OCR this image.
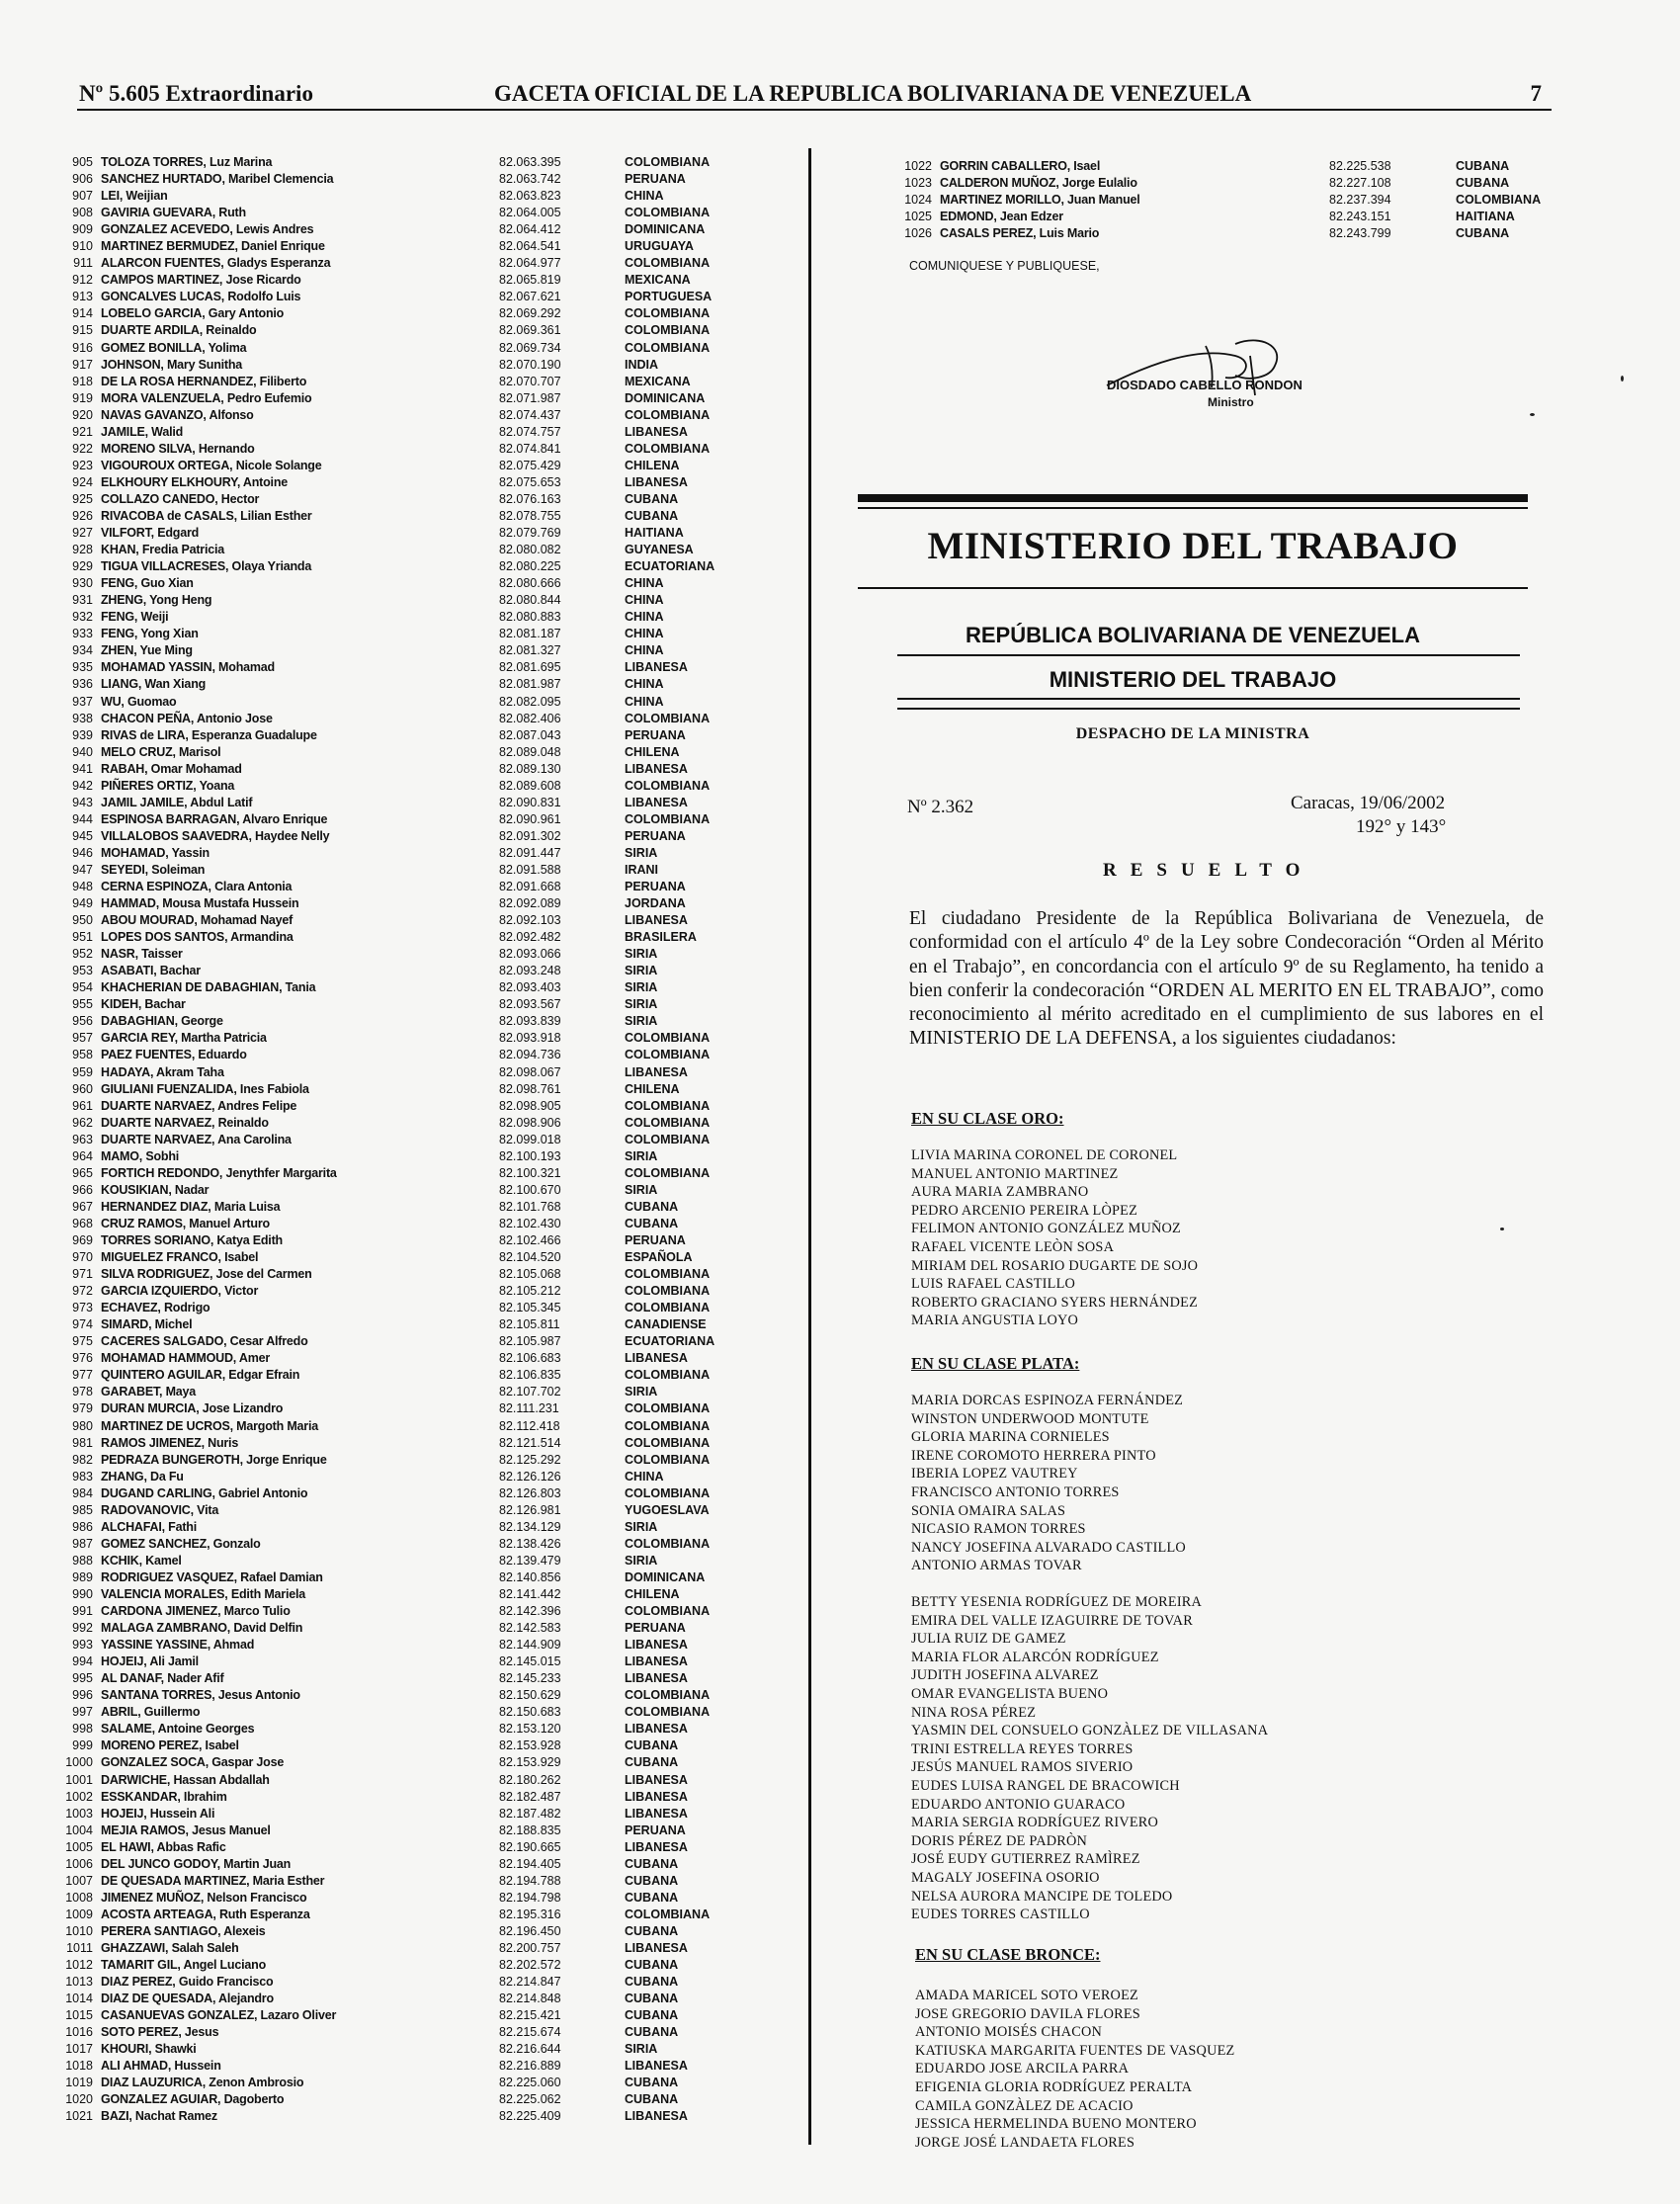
Nº 5.605 Extraordinario	GACETA OFICIAL DE LA REPUBLICA BOLIVARIANA DE VENEZUELA	7
905 TOLOZA TORRES, Luz Marina	82.063.395	COLOMBIANA
906 SANCHEZ HURTADO, Maribel Clemencia	82.063.742	PERUANA
907 LEI, Weijian	82.063.823	CHINA
908 GAVIRIA GUEVARA, Ruth	82.064.005	COLOMBIANA
909 GONZALEZ ACEVEDO, Lewis Andres	82.064.412	DOMINICANA
910 MARTINEZ BERMUDEZ, Daniel Enrique	82.064.541	URUGUAYA
911 ALARCON FUENTES, Gladys Esperanza	82.064.977	COLOMBIANA
912 CAMPOS MARTINEZ, Jose Ricardo	82.065.819	MEXICANA
913 GONCALVES LUCAS, Rodolfo Luis	82.067.621	PORTUGUESA
914 LOBELO GARCIA, Gary Antonio	82.069.292	COLOMBIANA
915 DUARTE ARDILA, Reinaldo	82.069.361	COLOMBIANA
916 GOMEZ BONILLA, Yolima	82.069.734	COLOMBIANA
917 JOHNSON, Mary Sunitha	82.070.190	INDIA
918 DE LA ROSA HERNANDEZ, Filiberto	82.070.707	MEXICANA
919 MORA VALENZUELA, Pedro Eufemio	82.071.987	DOMINICANA
920 NAVAS GAVANZO, Alfonso	82.074.437	COLOMBIANA
921 JAMILE, Walid	82.074.757	LIBANESA
922 MORENO SILVA, Hernando	82.074.841	COLOMBIANA
923 VIGOUROUX ORTEGA, Nicole Solange	82.075.429	CHILENA
924 ELKHOURY ELKHOURY, Antoine	82.075.653	LIBANESA
925 COLLAZO CANEDO, Hector	82.076.163	CUBANA
926 RIVACOBA de CASALS, Lilian Esther	82.078.755	CUBANA
927 VILFORT, Edgard	82.079.769	HAITIANA
928 KHAN, Fredia Patricia	82.080.082	GUYANESA
929 TIGUA VILLACRESES, Olaya Yrianda	82.080.225	ECUATORIANA
930 FENG, Guo Xian	82.080.666	CHINA
931 ZHENG, Yong Heng	82.080.844	CHINA
932 FENG, Weiji	82.080.883	CHINA
933 FENG, Yong Xian	82.081.187	CHINA
934 ZHEN, Yue Ming	82.081.327	CHINA
935 MOHAMAD YASSIN, Mohamad	82.081.695	LIBANESA
936 LIANG, Wan Xiang	82.081.987	CHINA
937 WU, Guomao	82.082.095	CHINA
938 CHACON PEÑA, Antonio Jose	82.082.406	COLOMBIANA
939 RIVAS de LIRA, Esperanza Guadalupe	82.087.043	PERUANA
940 MELO CRUZ, Marisol	82.089.048	CHILENA
941 RABAH, Omar Mohamad	82.089.130	LIBANESA
942 PIÑERES ORTIZ, Yoana	82.089.608	COLOMBIANA
943 JAMIL JAMILE, Abdul Latif	82.090.831	LIBANESA
944 ESPINOSA BARRAGAN, Alvaro Enrique	82.090.961	COLOMBIANA
945 VILLALOBOS SAAVEDRA, Haydee Nelly	82.091.302	PERUANA
946 MOHAMAD, Yassin	82.091.447	SIRIA
947 SEYEDI, Soleiman	82.091.588	IRANI
948 CERNA ESPINOZA, Clara Antonia	82.091.668	PERUANA
949 HAMMAD, Mousa Mustafa Hussein	82.092.089	JORDANA
950 ABOU MOURAD, Mohamad Nayef	82.092.103	LIBANESA
951 LOPES DOS SANTOS, Armandina	82.092.482	BRASILERA
952 NASR, Taisser	82.093.066	SIRIA
953 ASABATI, Bachar	82.093.248	SIRIA
954 KHACHERIAN DE DABAGHIAN, Tania	82.093.403	SIRIA
955 KIDEH, Bachar	82.093.567	SIRIA
956 DABAGHIAN, George	82.093.839	SIRIA
957 GARCIA REY, Martha Patricia	82.093.918	COLOMBIANA
958 PAEZ FUENTES, Eduardo	82.094.736	COLOMBIANA
959 HADAYA, Akram Taha	82.098.067	LIBANESA
960 GIULIANI FUENZALIDA, Ines Fabiola	82.098.761	CHILENA
961 DUARTE NARVAEZ, Andres Felipe	82.098.905	COLOMBIANA
962 DUARTE NARVAEZ, Reinaldo	82.098.906	COLOMBIANA
963 DUARTE NARVAEZ, Ana Carolina	82.099.018	COLOMBIANA
964 MAMO, Sobhi	82.100.193	SIRIA
965 FORTICH REDONDO, Jenythfer Margarita	82.100.321	COLOMBIANA
966 KOUSIKIAN, Nadar	82.100.670	SIRIA
967 HERNANDEZ DIAZ, Maria Luisa	82.101.768	CUBANA
968 CRUZ RAMOS, Manuel Arturo	82.102.430	CUBANA
969 TORRES SORIANO, Katya Edith	82.102.466	PERUANA
970 MIGUELEZ FRANCO, Isabel	82.104.520	ESPAÑOLA
971 SILVA RODRIGUEZ, Jose del Carmen	82.105.068	COLOMBIANA
972 GARCIA IZQUIERDO, Victor	82.105.212	COLOMBIANA
973 ECHAVEZ, Rodrigo	82.105.345	COLOMBIANA
974 SIMARD, Michel	82.105.811	CANADIENSE
975 CACERES SALGADO, Cesar Alfredo	82.105.987	ECUATORIANA
976 MOHAMAD HAMMOUD, Amer	82.106.683	LIBANESA
977 QUINTERO AGUILAR, Edgar Efrain	82.106.835	COLOMBIANA
978 GARABET, Maya	82.107.702	SIRIA
979 DURAN MURCIA, Jose Lizandro	82.111.231	COLOMBIANA
980 MARTINEZ DE UCROS, Margoth Maria	82.112.418	COLOMBIANA
981 RAMOS JIMENEZ, Nuris	82.121.514	COLOMBIANA
982 PEDRAZA BUNGEROTH, Jorge Enrique	82.125.292	COLOMBIANA
983 ZHANG, Da Fu	82.126.126	CHINA
984 DUGAND CARLING, Gabriel Antonio	82.126.803	COLOMBIANA
985 RADOVANOVIC, Vita	82.126.981	YUGOESLAVA
986 ALCHAFAI, Fathi	82.134.129	SIRIA
987 GOMEZ SANCHEZ, Gonzalo	82.138.426	COLOMBIANA
988 KCHIK, Kamel	82.139.479	SIRIA
989 RODRIGUEZ VASQUEZ, Rafael Damian	82.140.856	DOMINICANA
990 VALENCIA MORALES, Edith Mariela	82.141.442	CHILENA
991 CARDONA JIMENEZ, Marco Tulio	82.142.396	COLOMBIANA
992 MALAGA ZAMBRANO, David Delfin	82.142.583	PERUANA
993 YASSINE YASSINE, Ahmad	82.144.909	LIBANESA
994 HOJEIJ, Ali Jamil	82.145.015	LIBANESA
995 AL DANAF, Nader Afif	82.145.233	LIBANESA
996 SANTANA TORRES, Jesus Antonio	82.150.629	COLOMBIANA
997 ABRIL, Guillermo	82.150.683	COLOMBIANA
998 SALAME, Antoine Georges	82.153.120	LIBANESA
999 MORENO PEREZ, Isabel	82.153.928	CUBANA
1000 GONZALEZ SOCA, Gaspar Jose	82.153.929	CUBANA
1001 DARWICHE, Hassan Abdallah	82.180.262	LIBANESA
1002 ESSKANDAR, Ibrahim	82.182.487	LIBANESA
1003 HOJEIJ, Hussein Ali	82.187.482	LIBANESA
1004 MEJIA RAMOS, Jesus Manuel	82.188.835	PERUANA
1005 EL HAWI, Abbas Rafic	82.190.665	LIBANESA
1006 DEL JUNCO GODOY, Martin Juan	82.194.405	CUBANA
1007 DE QUESADA MARTINEZ, Maria Esther	82.194.788	CUBANA
1008 JIMENEZ MUÑOZ, Nelson Francisco	82.194.798	CUBANA
1009 ACOSTA ARTEAGA, Ruth Esperanza	82.195.316	COLOMBIANA
1010 PERERA SANTIAGO, Alexeis	82.196.450	CUBANA
1011 GHAZZAWI, Salah Saleh	82.200.757	LIBANESA
1012 TAMARIT GIL, Angel Luciano	82.202.572	CUBANA
1013 DIAZ PEREZ, Guido Francisco	82.214.847	CUBANA
1014 DIAZ DE QUESADA, Alejandro	82.214.848	CUBANA
1015 CASANUEVAS GONZALEZ, Lazaro Oliver	82.215.421	CUBANA
1016 SOTO PEREZ, Jesus	82.215.674	CUBANA
1017 KHOURI, Shawki	82.216.644	SIRIA
1018 ALI AHMAD, Hussein	82.216.889	LIBANESA
1019 DIAZ LAUZURICA, Zenon Ambrosio	82.225.060	CUBANA
1020 GONZALEZ AGUIAR, Dagoberto	82.225.062	CUBANA
1021 BAZI, Nachat Ramez	82.225.409	LIBANESA
1022 GORRIN CABALLERO, Isael	82.225.538	CUBANA
1023 CALDERON MUÑOZ, Jorge Eulalio	82.227.108	CUBANA
1024 MARTINEZ MORILLO, Juan Manuel	82.237.394	COLOMBIANA
1025 EDMOND, Jean Edzer	82.243.151	HAITIANA
1026 CASALS PEREZ, Luis Mario	82.243.799	CUBANA
COMUNIQUESE Y PUBLIQUESE,
DIOSDADO CABELLO RONDON
Ministro
MINISTERIO DEL TRABAJO
REPÚBLICA BOLIVARIANA DE VENEZUELA
MINISTERIO DEL TRABAJO
DESPACHO DE LA MINISTRA
Nº 2.362	Caracas, 19/06/2002
192° y 143°
RESUELTO
El ciudadano Presidente de la República Bolivariana de Venezuela, de conformidad con el artículo 4º de la Ley sobre Condecoración “Orden al Mérito en el Trabajo”, en concordancia con el artículo 9º de su Reglamento, ha tenido a bien conferir la condecoración “ORDEN AL MERITO EN EL TRABAJO”, como reconocimiento al mérito acreditado en el cumplimiento de sus labores en el MINISTERIO DE LA DEFENSA, a los siguientes ciudadanos:
EN SU CLASE ORO:
LIVIA MARINA CORONEL DE CORONEL
MANUEL ANTONIO MARTINEZ
AURA MARIA ZAMBRANO
PEDRO ARCENIO PEREIRA LÒPEZ
FELIMON ANTONIO GONZÁLEZ MUÑOZ
RAFAEL VICENTE LEÒN SOSA
MIRIAM DEL ROSARIO DUGARTE DE SOJO
LUIS RAFAEL CASTILLO
ROBERTO GRACIANO SYERS HERNÁNDEZ
MARIA ANGUSTIA LOYO
EN SU CLASE PLATA:
MARIA DORCAS ESPINOZA FERNÁNDEZ
WINSTON UNDERWOOD MONTUTE
GLORIA MARINA CORNIELES
IRENE COROMOTO HERRERA PINTO
IBERIA LOPEZ VAUTREY
FRANCISCO ANTONIO TORRES
SONIA OMAIRA SALAS
NICASIO RAMON TORRES
NANCY JOSEFINA ALVARADO CASTILLO
ANTONIO ARMAS TOVAR
BETTY YESENIA RODRÍGUEZ DE MOREIRA
EMIRA DEL VALLE IZAGUIRRE DE TOVAR
JULIA RUIZ DE GAMEZ
MARIA FLOR ALARCÓN RODRÍGUEZ
JUDITH JOSEFINA ALVAREZ
OMAR EVANGELISTA BUENO
NINA ROSA PÉREZ
YASMIN DEL CONSUELO GONZÀLEZ DE VILLASANA
TRINI ESTRELLA REYES TORRES
JESÚS MANUEL RAMOS SIVERIO
EUDES LUISA RANGEL DE BRACOWICH
EDUARDO ANTONIO GUARACO
MARIA SERGIA RODRÍGUEZ RIVERO
DORIS PÉREZ DE PADRÒN
JOSÉ EUDY GUTIERREZ RAMÌREZ
MAGALY JOSEFINA OSORIO
NELSA AURORA MANCIPE DE TOLEDO
EUDES TORRES CASTILLO
EN SU CLASE BRONCE:
AMADA MARICEL SOTO VEROEZ
JOSE GREGORIO DAVILA FLORES
ANTONIO MOISÉS CHACON
KATIUSKA MARGARITA FUENTES DE VASQUEZ
EDUARDO JOSE ARCILA PARRA
EFIGENIA GLORIA RODRÍGUEZ PERALTA
CAMILA GONZÀLEZ DE ACACIO
JESSICA HERMELINDA BUENO MONTERO
JORGE JOSÉ LANDAETA FLORES
